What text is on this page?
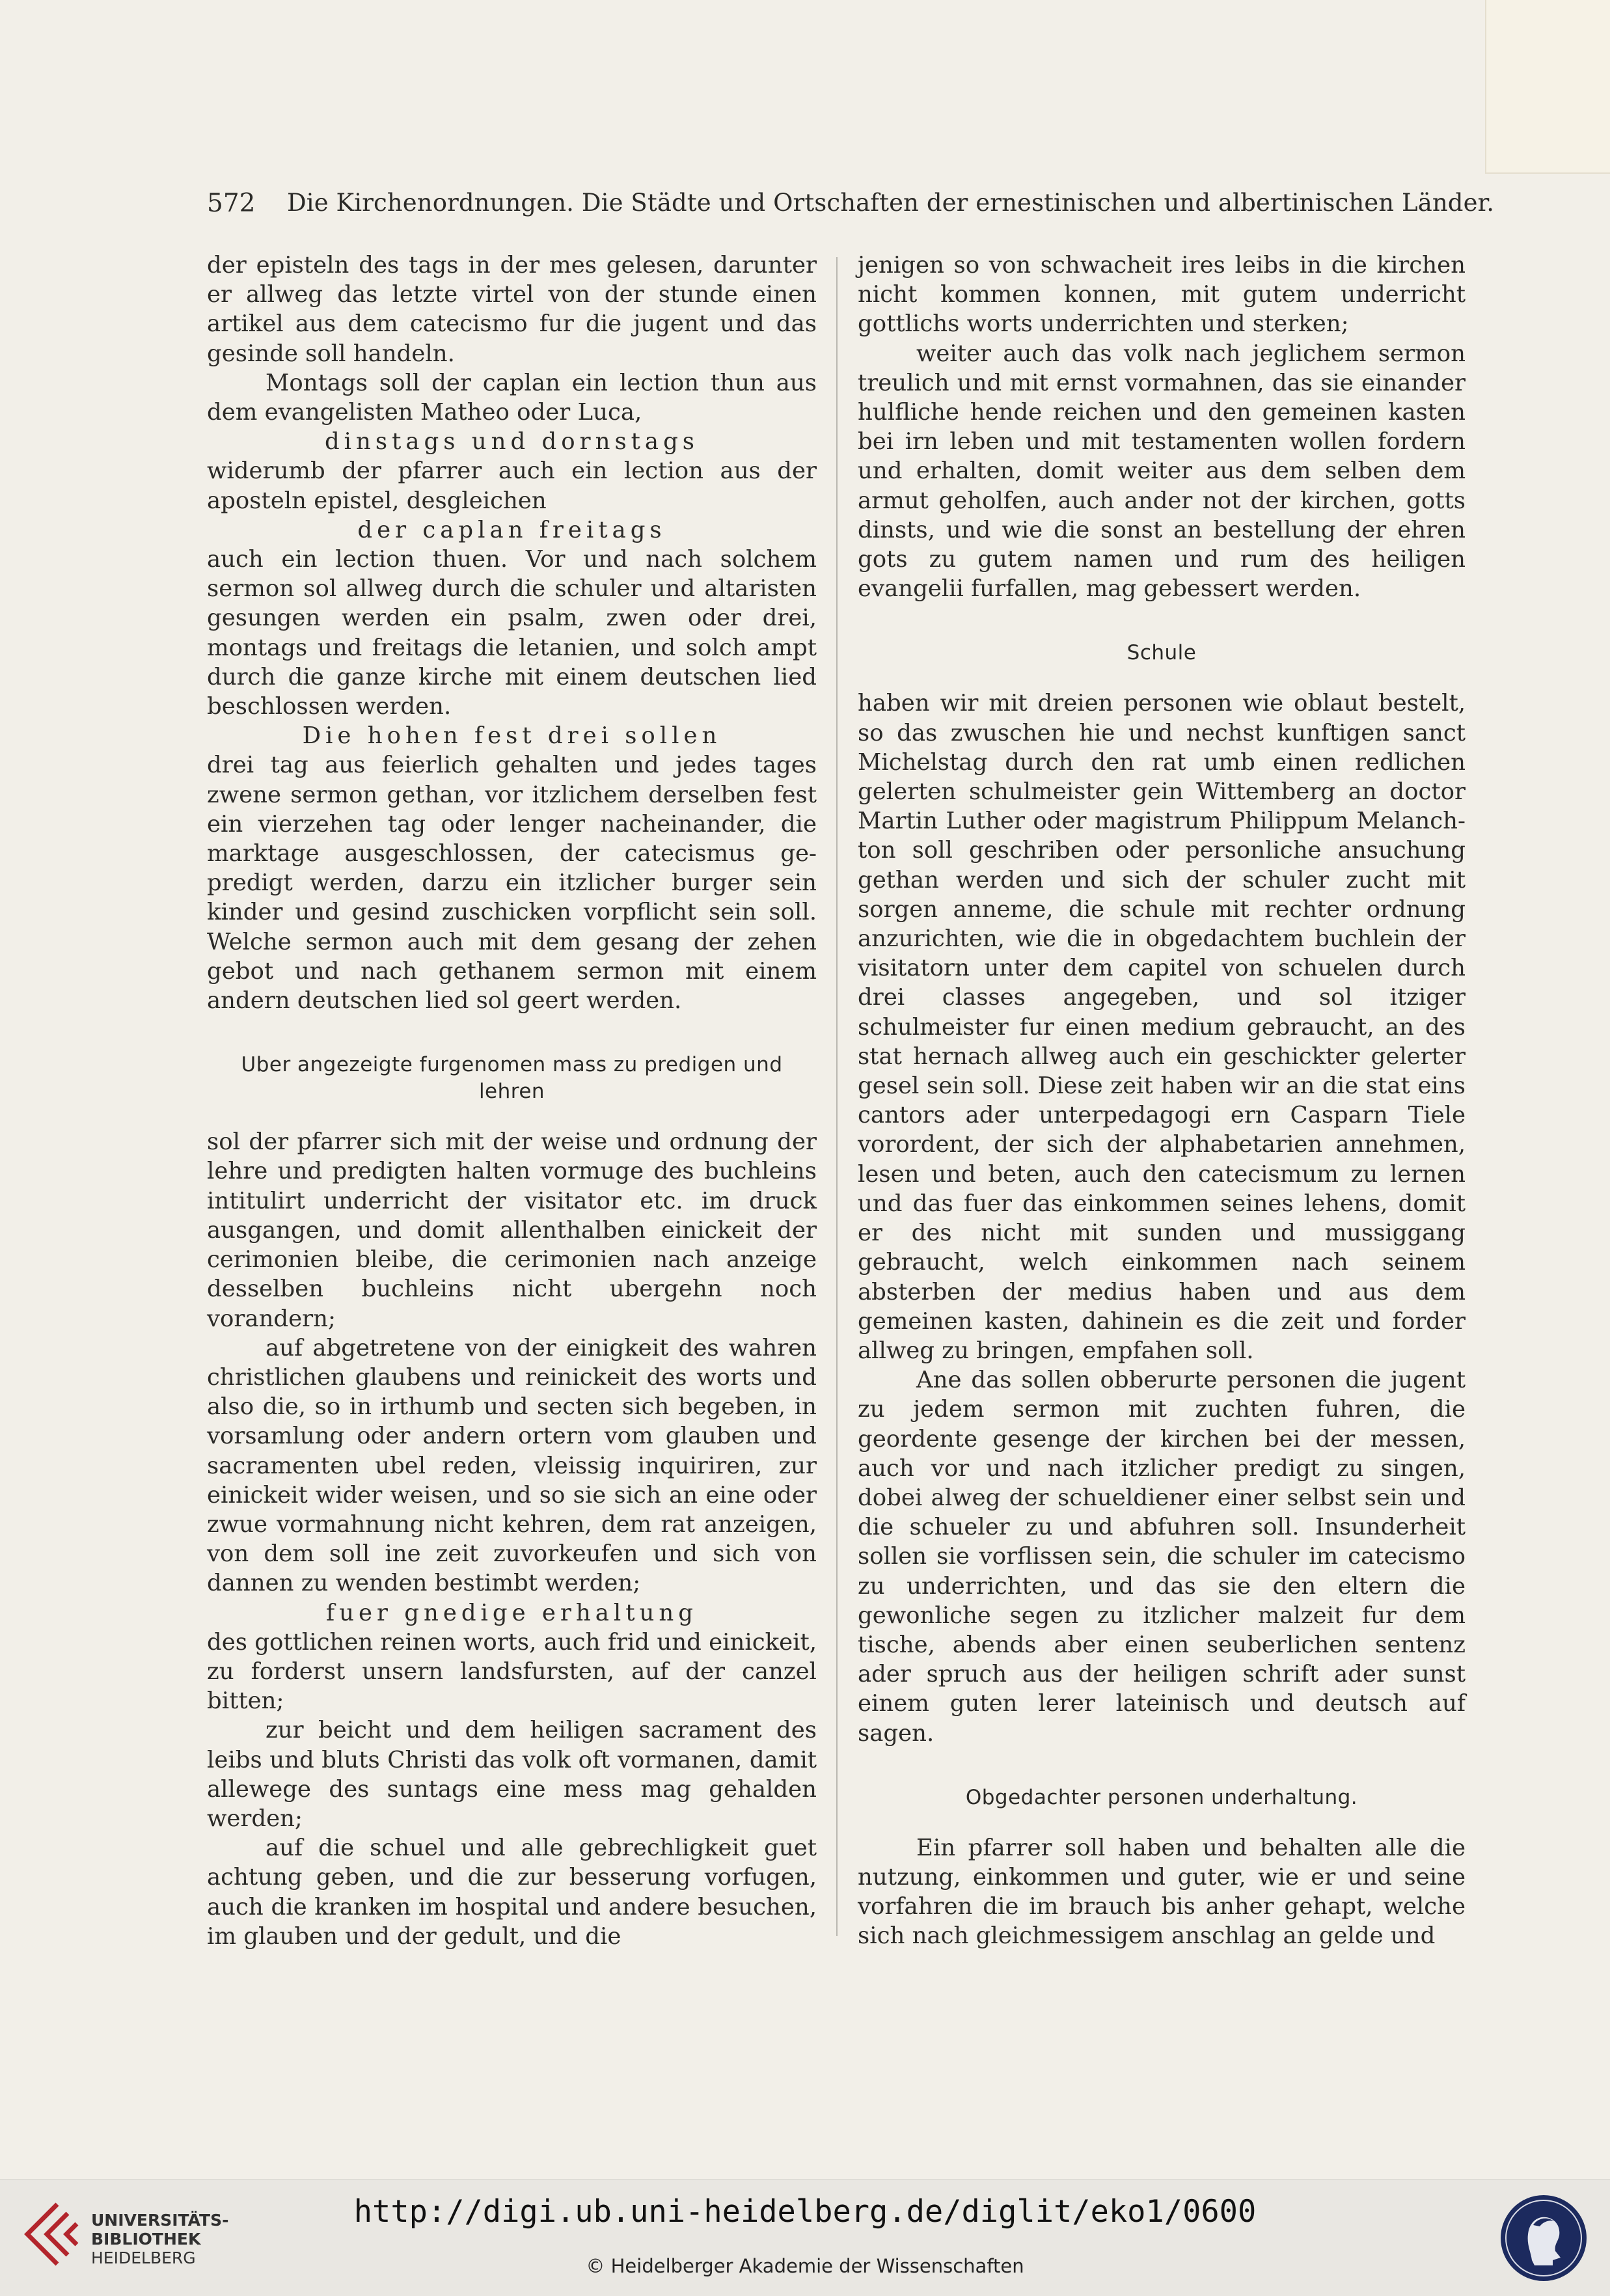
572 Die Kirchenordnungen. Die Städte und Ortschaften der ernestinischen und albertinischen Länder.

der episteln des tags in der mes gelesen, darunter er allweg das letzte virtel von der stunde einen artikel aus dem catecismo fur die jugent und das gesinde soll handeln.

Montags soll der caplan ein lection thun aus dem evangelisten Matheo oder Luca,

dinstags und dornstags

widerumb der pfarrer auch ein lection aus der aposteln epistel, desgleichen

der caplan freitags

auch ein lection thuen. Vor und nach solchem sermon sol allweg durch die schuler und altaristen gesungen werden ein psalm, zwen oder drei, montags und freitags die letanien, und solch ampt durch die ganze kirche mit einem deutschen lied beschlossen werden.

Die hohen fest drei sollen

drei tag aus feierlich gehalten und jedes tages zwene sermon gethan, vor itzlichem derselben fest ein vierzehen tag oder lenger nacheinander, die marktage ausgeschlossen, der catecismus gepredigt werden, darzu ein itzlicher burger sein kinder und gesind zuschicken vorpflicht sein soll. Welche sermon auch mit dem gesang der zehen gebot und nach gethanem sermon mit einem andern deutschen lied sol geert werden.

Uber angezeigte furgenomen mass zu predigen und lehren

sol der pfarrer sich mit der weise und ordnung der lehre und predigten halten vormuge des buchleins intitulirt underricht der visitator etc. im druck ausgangen, und domit allenthalben einickeit der cerimonien bleibe, die cerimonien nach anzeige desselben buchleins nicht ubergehn noch vorandern;

auf abgetretene von der einigkeit des wahren christlichen glaubens und reinickeit des worts und also die, so in irthumb und secten sich begeben, in vorsamlung oder andern ortern vom glauben und sacramenten ubel reden, vleissig inquiriren, zur einickeit wider weisen, und so sie sich an eine oder zwue vormahnung nicht kehren, dem rat anzeigen, von dem soll ine zeit zuvorkeufen und sich von dannen zu wenden bestimbt werden;

fuer gnedige erhaltung

des gottlichen reinen worts, auch frid und einickeit, zu forderst unsern landsfursten, auf der canzel bitten;

zur beicht und dem heiligen sacrament des leibs und bluts Christi das volk oft vormanen, damit allewege des suntags eine mess mag gehalden werden;

auf die schuel und alle gebrechligkeit guet achtung geben, und die zur besserung vorfugen, auch die kranken im hospital und andere besuchen, im glauben und der gedult, und die

jenigen so von schwacheit ires leibs in die kirchen nicht kommen konnen, mit gutem underricht gottlichs worts underrichten und sterken;

weiter auch das volk nach jeglichem sermon treulich und mit ernst vormahnen, das sie einander hulfliche hende reichen und den gemeinen kasten bei irn leben und mit testamenten wollen fordern und erhalten, domit weiter aus dem selben dem armut geholfen, auch ander not der kirchen, gotts dinsts, und wie die sonst an bestellung der ehren gots zu gutem namen und rum des heiligen evangelii furfallen, mag gebessert werden.

Schule

haben wir mit dreien personen wie oblaut bestelt, so das zwuschen hie und nechst kunftigen sanct Michelstag durch den rat umb einen redlichen gelerten schulmeister gein Wittemberg an doctor Martin Luther oder magistrum Philippum Melanchton soll geschriben oder personliche ansuchung gethan werden und sich der schuler zucht mit sorgen anneme, die schule mit rechter ordnung anzurichten, wie die in obgedachtem buchlein der visitatorn unter dem capitel von schuelen durch drei classes angegeben, und sol itziger schulmeister fur einen medium gebraucht, an des stat hernach allweg auch ein geschickter gelerter gesel sein soll. Diese zeit haben wir an die stat eins cantors ader unterpedagogi ern Casparn Tiele vorordent, der sich der alphabetarien annehmen, lesen und beten, auch den catecismum zu lernen und das fuer das einkommen seines lehens, domit er des nicht mit sunden und mussiggang gebraucht, welch einkommen nach seinem absterben der medius haben und aus dem gemeinen kasten, dahinein es die zeit und forder allweg zu bringen, empfahen soll.

Ane das sollen obberurte personen die jugent zu jedem sermon mit zuchten fuhren, die geordente gesenge der kirchen bei der messen, auch vor und nach itzlicher predigt zu singen, dobei alweg der schueldiener einer selbst sein und die schueler zu und abfuhren soll. Insunderheit sollen sie vorflissen sein, die schuler im catecismo zu underrichten, und das sie den eltern die gewonliche segen zu itzlicher malzeit fur dem tische, abends aber einen seuberlichen sentenz ader spruch aus der heiligen schrift ader sunst einem guten lerer lateinisch und deutsch auf sagen.

Obgedachter personen underhaltung.

Ein pfarrer soll haben und behalten alle die nutzung, einkommen und guter, wie er und seine vorfahren die im brauch bis anher gehapt, welche sich nach gleichmessigem anschlag an gelde und

UNIVERSITÄTS-
BIBLIOTHEK
HEIDELBERG
http://digi.ub.uni-heidelberg.de/diglit/eko1/0600
© Heidelberger Akademie der Wissenschaften
